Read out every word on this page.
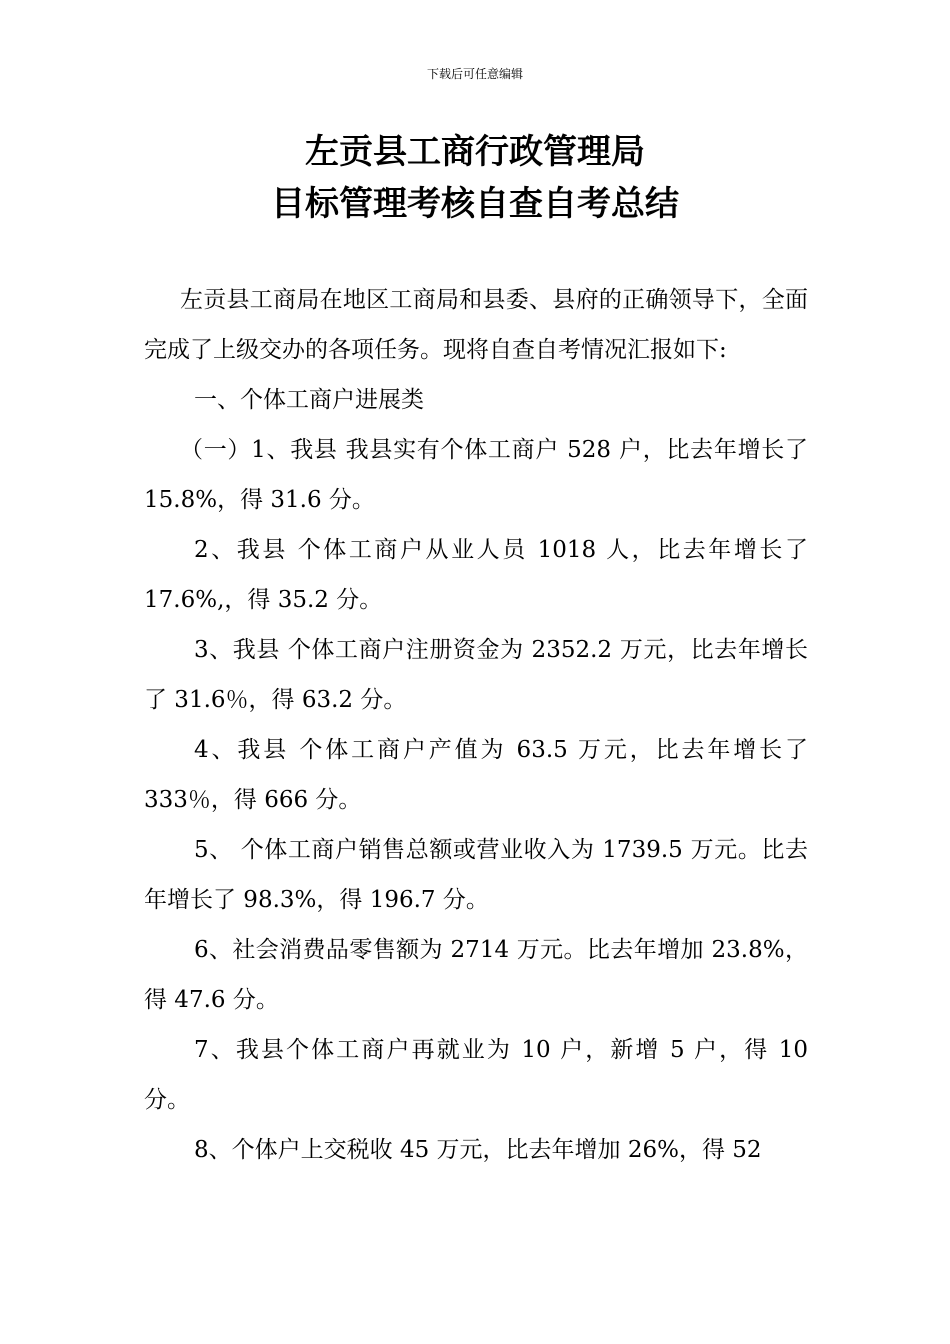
下载后可任意编辑
左贡县工商行政管理局
目标管理考核自查自考总结

左贡县工商局在地区工商局和县委、县府的正确领导下，全面完成了上级交办的各项任务。现将自查自考情况汇报如下:

一、个体工商户进展类

（一）1、我县 我县实有个体工商户 528 户，比去年增长了 15.8%，得 31.6 分。

2、我县 个体工商户从业人员 1018 人，比去年增长了 17.6%,，得 35.2 分。

3、我县 个体工商户注册资金为 2352.2 万元，比去年增长了 31.6％，得 63.2 分。

4、我县 个体工商户产值为 63.5 万元，比去年增长了 333％，得 666 分。

5、 个体工商户销售总额或营业收入为 1739.5 万元。比去年增长了 98.3%，得 196.7 分。

6、社会消费品零售额为 2714 万元。比去年增加 23.8%，得 47.6 分。

7、我县个体工商户再就业为 10 户，新增 5 户，得 10 分。

8、个体户上交税收 45 万元，比去年增加 26%，得 52
